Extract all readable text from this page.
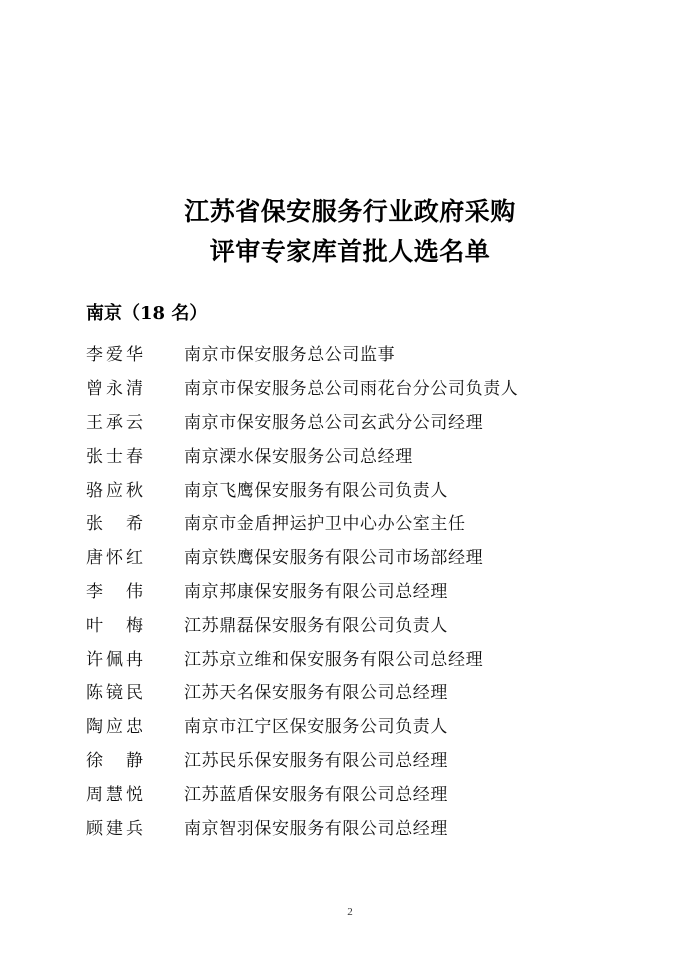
江苏省保安服务行业政府采购
评审专家库首批人选名单
南京（18 名）
李爱华	南京市保安服务总公司监事
曾永清	南京市保安服务总公司雨花台分公司负责人
王承云	南京市保安服务总公司玄武分公司经理
张士春	南京溧水保安服务公司总经理
骆应秋	南京飞鹰保安服务有限公司负责人
张　希	南京市金盾押运护卫中心办公室主任
唐怀红	南京铁鹰保安服务有限公司市场部经理
李　伟	南京邦康保安服务有限公司总经理
叶　梅	江苏鼎磊保安服务有限公司负责人
许佩冉	江苏京立维和保安服务有限公司总经理
陈镜民	江苏天名保安服务有限公司总经理
陶应忠	南京市江宁区保安服务公司负责人
徐　静	江苏民乐保安服务有限公司总经理
周慧悦	江苏蓝盾保安服务有限公司总经理
顾建兵	南京智羽保安服务有限公司总经理
2
